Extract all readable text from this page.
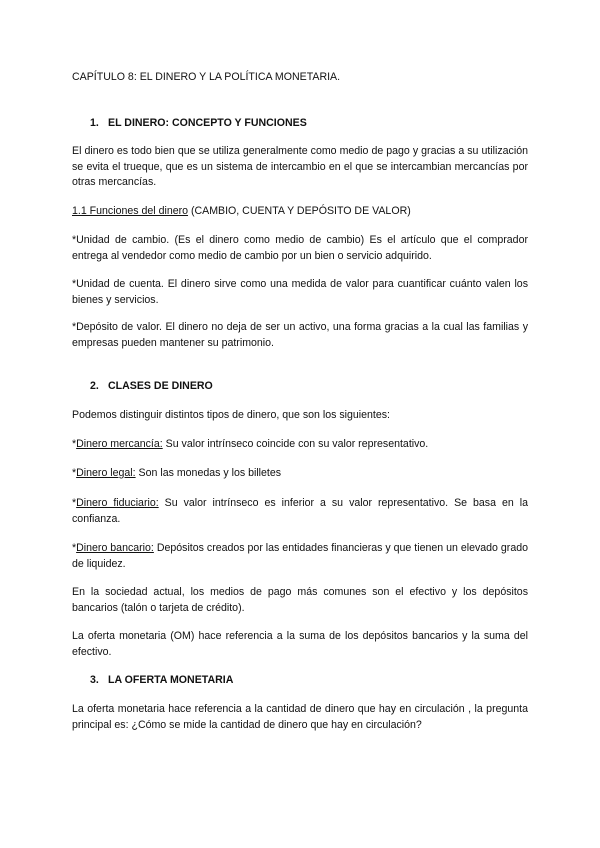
CAPÍTULO 8: EL DINERO Y LA POLÍTICA MONETARIA.
1. EL DINERO: CONCEPTO Y FUNCIONES
El dinero es todo bien que se utiliza generalmente como medio de pago y gracias a su utilización se evita el trueque, que es un sistema de intercambio en el que se intercambian mercancías por otras mercancías.
1.1 Funciones del dinero (CAMBIO, CUENTA Y DEPÓSITO DE VALOR)
*Unidad de cambio. (Es el dinero como medio de cambio) Es el artículo que el comprador entrega al vendedor como medio de cambio por un bien o servicio adquirido.
*Unidad de cuenta. El dinero sirve como una medida de valor para cuantificar cuánto valen los bienes y servicios.
*Depósito de valor. El dinero no deja de ser un activo, una forma gracias a la cual las familias y empresas pueden mantener su patrimonio.
2. CLASES DE DINERO
Podemos distinguir distintos tipos de dinero, que son los siguientes:
*Dinero mercancía: Su valor intrínseco coincide con su valor representativo.
*Dinero legal: Son las monedas y los billetes
*Dinero fiduciario: Su valor intrínseco es inferior a su valor representativo. Se basa en la confianza.
*Dinero bancario: Depósitos creados por las entidades financieras y que tienen un elevado grado de liquidez.
En la sociedad actual, los medios de pago más comunes son el efectivo y los depósitos bancarios (talón o tarjeta de crédito).
La oferta monetaria (OM) hace referencia a la suma de los depósitos bancarios y la suma del efectivo.
3. LA OFERTA MONETARIA
La oferta monetaria hace referencia a la cantidad de dinero que hay en circulación , la pregunta principal es: ¿Cómo se mide la cantidad de dinero que hay en circulación?
